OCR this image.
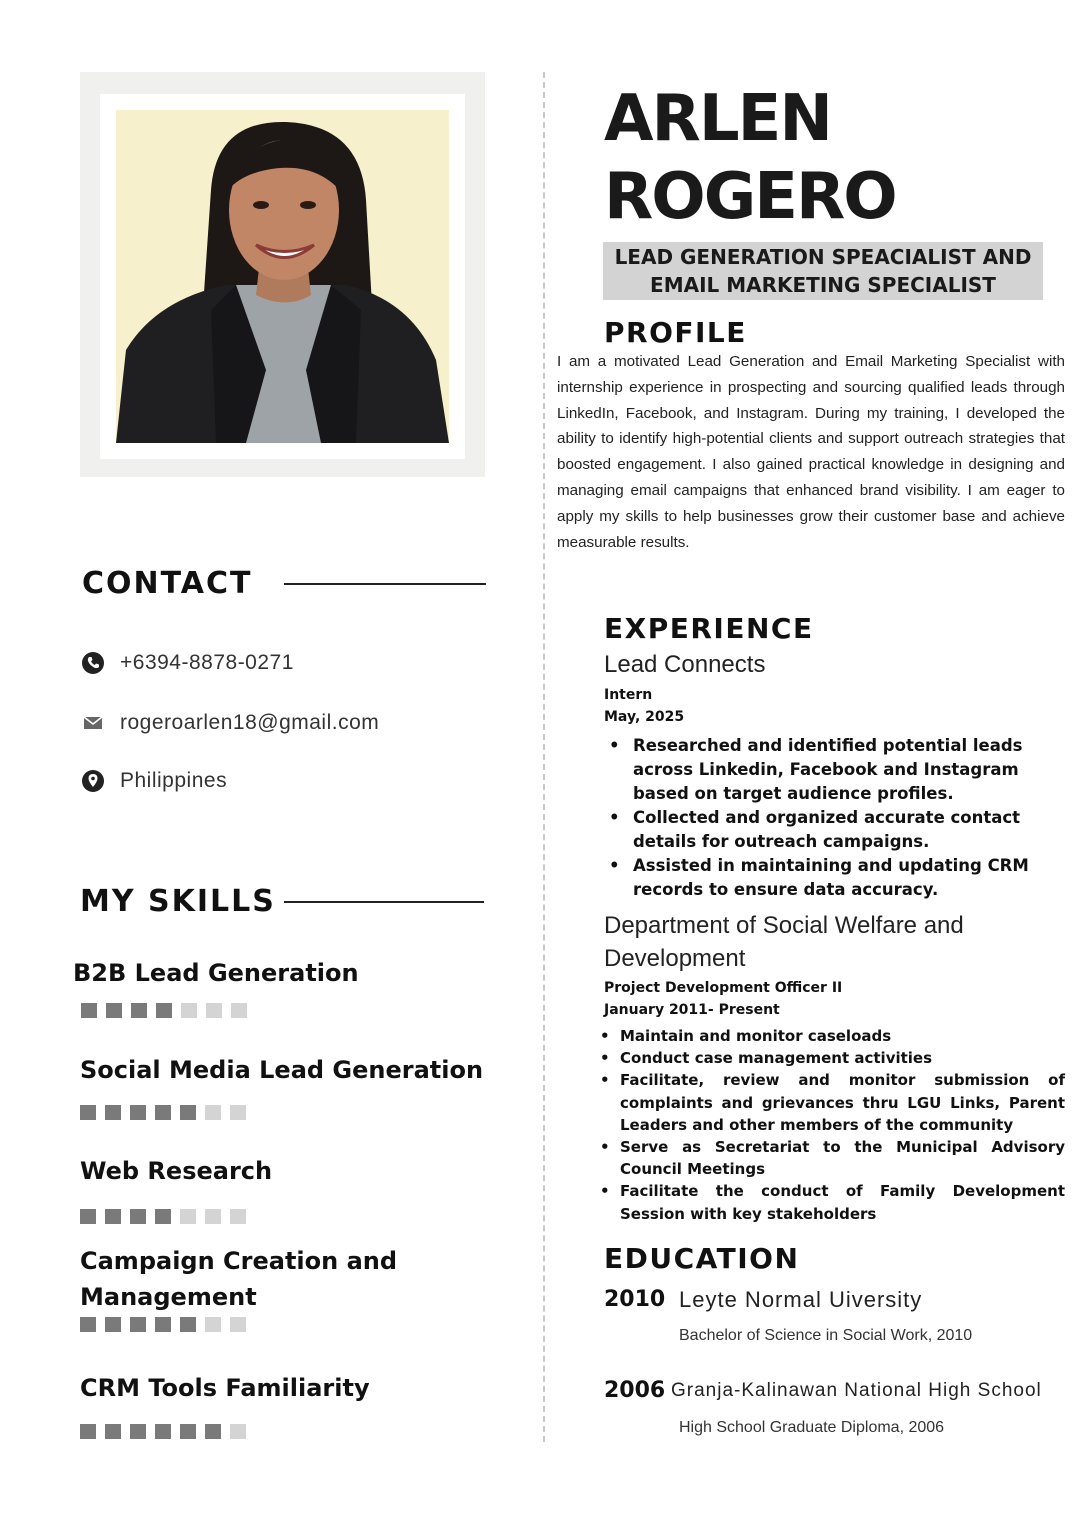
CONTACT
+6394-8878-0271
rogeroarlen18@gmail.com
Philippines
MY SKILLS
B2B Lead Generation
Social Media Lead Generation
Web Research
Campaign Creation and Management
CRM Tools Familiarity
ARLEN
ROGERO
LEAD GENERATION SPEACIALIST AND
EMAIL MARKETING SPECIALIST
PROFILE

I am a motivated Lead Generation and Email Marketing Specialist with internship experience in prospecting and sourcing qualified leads through LinkedIn, Facebook, and Instagram. During my training, I developed the ability to identify high-potential clients and support outreach strategies that boosted engagement. I also gained practical knowledge in designing and managing email campaigns that enhanced brand visibility. I am eager to apply my skills to help businesses grow their customer base and achieve measurable results.

EXPERIENCE
Lead Connects
Intern
May, 2025
• Researched and identified potential leads across Linkedin, Facebook and Instagram based on target audience profiles.
• Collected and organized accurate contact details for outreach campaigns.
• Assisted in maintaining and updating CRM records to ensure data accuracy.
Department of Social Welfare and Development
Project Development Officer II
January 2011- Present
• Maintain and monitor caseloads
• Conduct case management activities
• Facilitate, review and monitor submission of complaints and grievances thru LGU Links, Parent Leaders and other members of the community
• Serve as Secretariat to the Municipal Advisory Council Meetings
• Facilitate the conduct of Family Development Session with key stakeholders
EDUCATION
2010 Leyte Normal Uiversity
Bachelor of Science in Social Work, 2010
2006 Granja-Kalinawan National High School
High School Graduate Diploma, 2006
